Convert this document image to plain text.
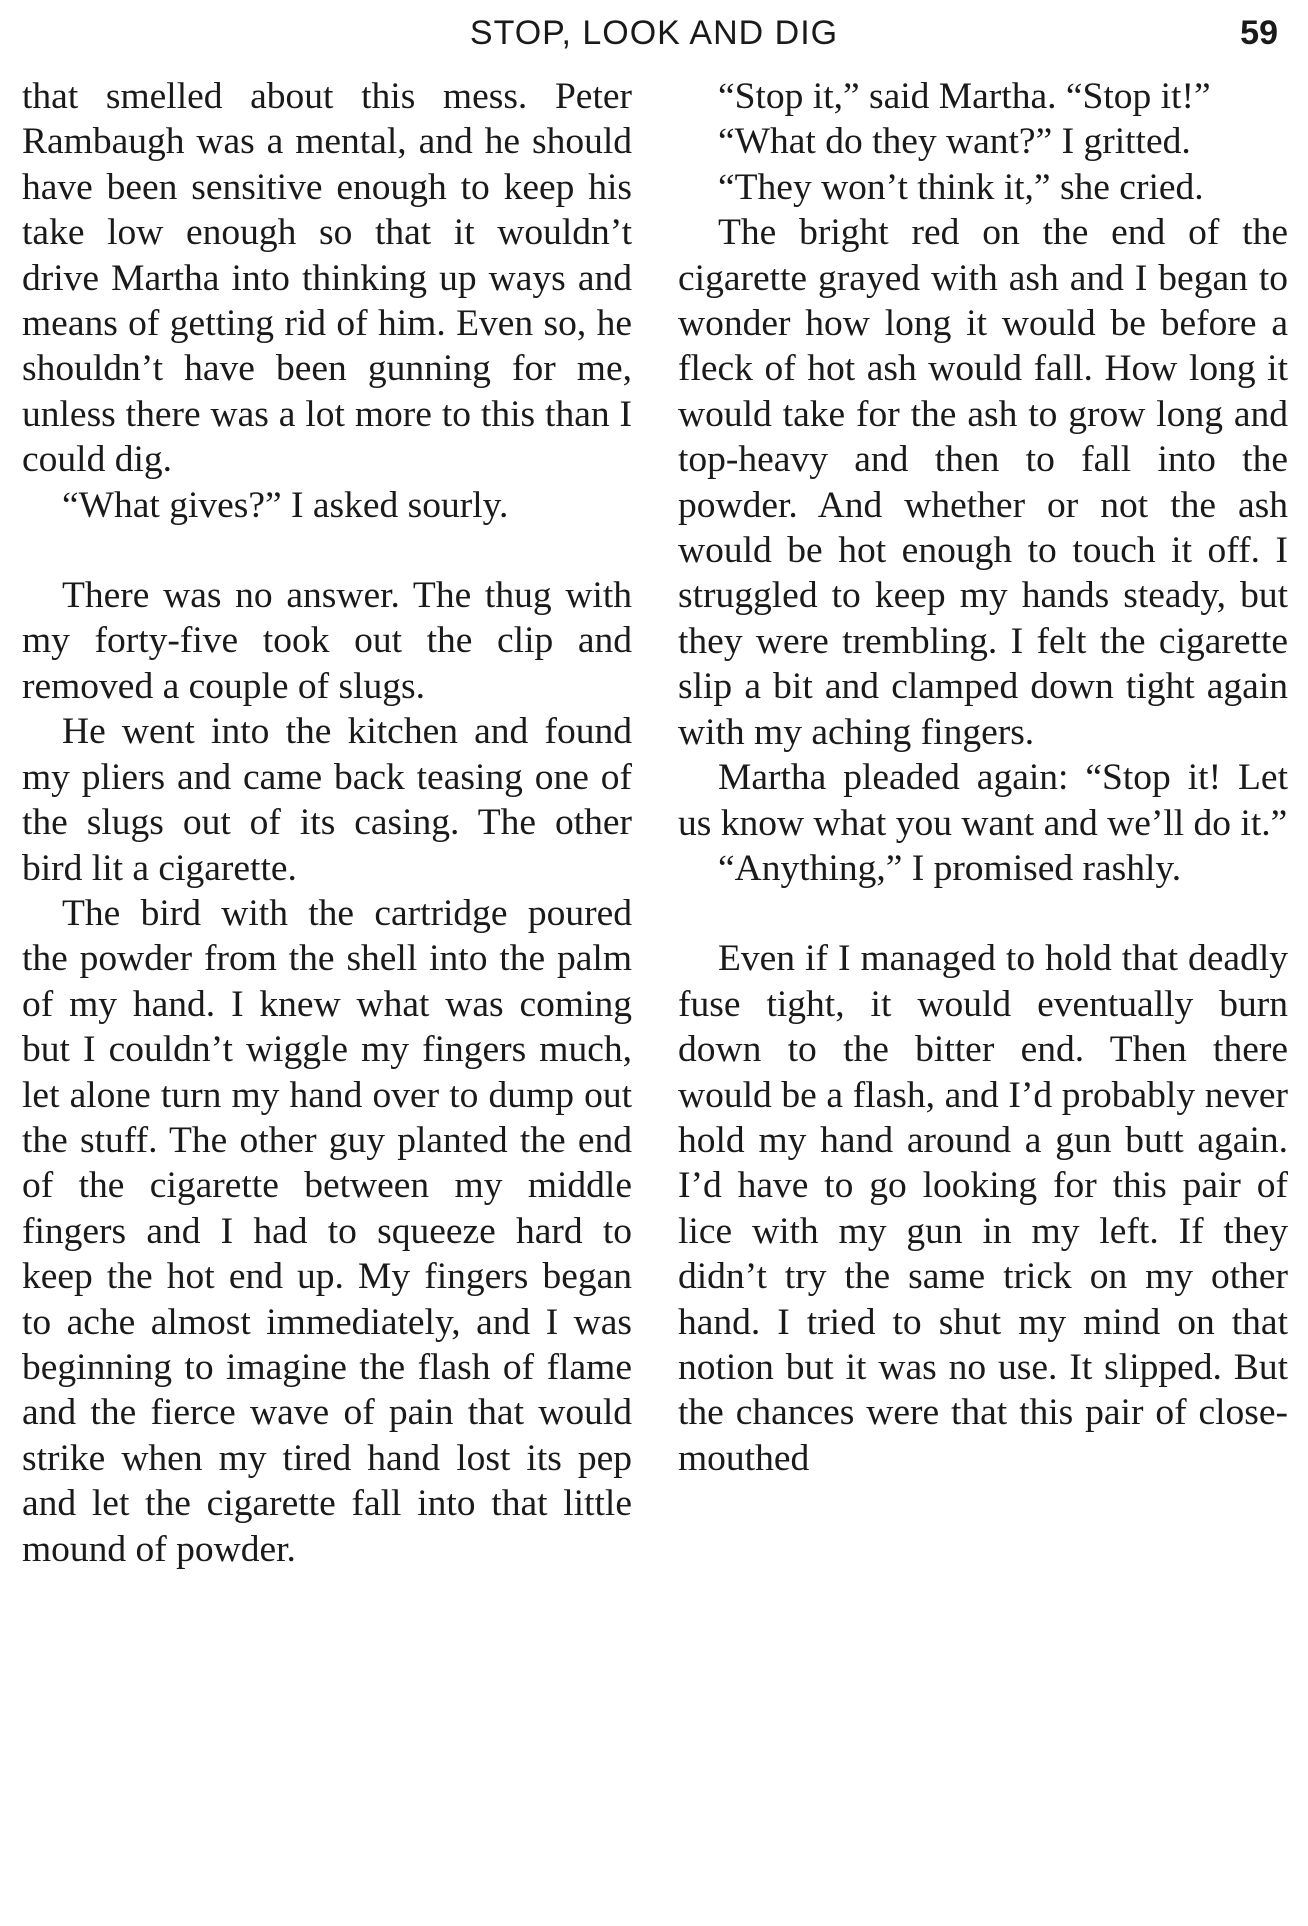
STOP, LOOK AND DIG	59

that smelled about this mess. Peter Rambaugh was a mental, and he should have been sensitive enough to keep his take low enough so that it wouldn’t drive Martha into thinking up ways and means of getting rid of him. Even so, he shouldn’t have been gunning for me, unless there was a lot more to this than I could dig.

“What gives?” I asked sourly.

There was no answer. The thug with my forty-five took out the clip and removed a couple of slugs.

He went into the kitchen and found my pliers and came back teasing one of the slugs out of its casing. The other bird lit a cigarette.

The bird with the cartridge poured the powder from the shell into the palm of my hand. I knew what was coming but I couldn’t wiggle my fingers much, let alone turn my hand over to dump out the stuff. The other guy planted the end of the cigarette between my middle fingers and I had to squeeze hard to keep the hot end up. My fingers began to ache almost immediately, and I was beginning to imagine the flash of flame and the fierce wave of pain that would strike when my tired hand lost its pep and let the cigarette fall into that little mound of powder.

“Stop it,” said Martha. “Stop it!”

“What do they want?” I gritted.

“They won’t think it,” she cried.

The bright red on the end of the cigarette grayed with ash and I began to wonder how long it would be before a fleck of hot ash would fall. How long it would take for the ash to grow long and top-heavy and then to fall into the powder. And whether or not the ash would be hot enough to touch it off. I struggled to keep my hands steady, but they were trembling. I felt the cigarette slip a bit and clamped down tight again with my aching fingers.

Martha pleaded again: “Stop it! Let us know what you want and we’ll do it.”

“Anything,” I promised rashly.

Even if I managed to hold that deadly fuse tight, it would eventually burn down to the bitter end. Then there would be a flash, and I’d probably never hold my hand around a gun butt again. I’d have to go looking for this pair of lice with my gun in my left. If they didn’t try the same trick on my other hand. I tried to shut my mind on that notion but it was no use. It slipped. But the chances were that this pair of close-mouthed
